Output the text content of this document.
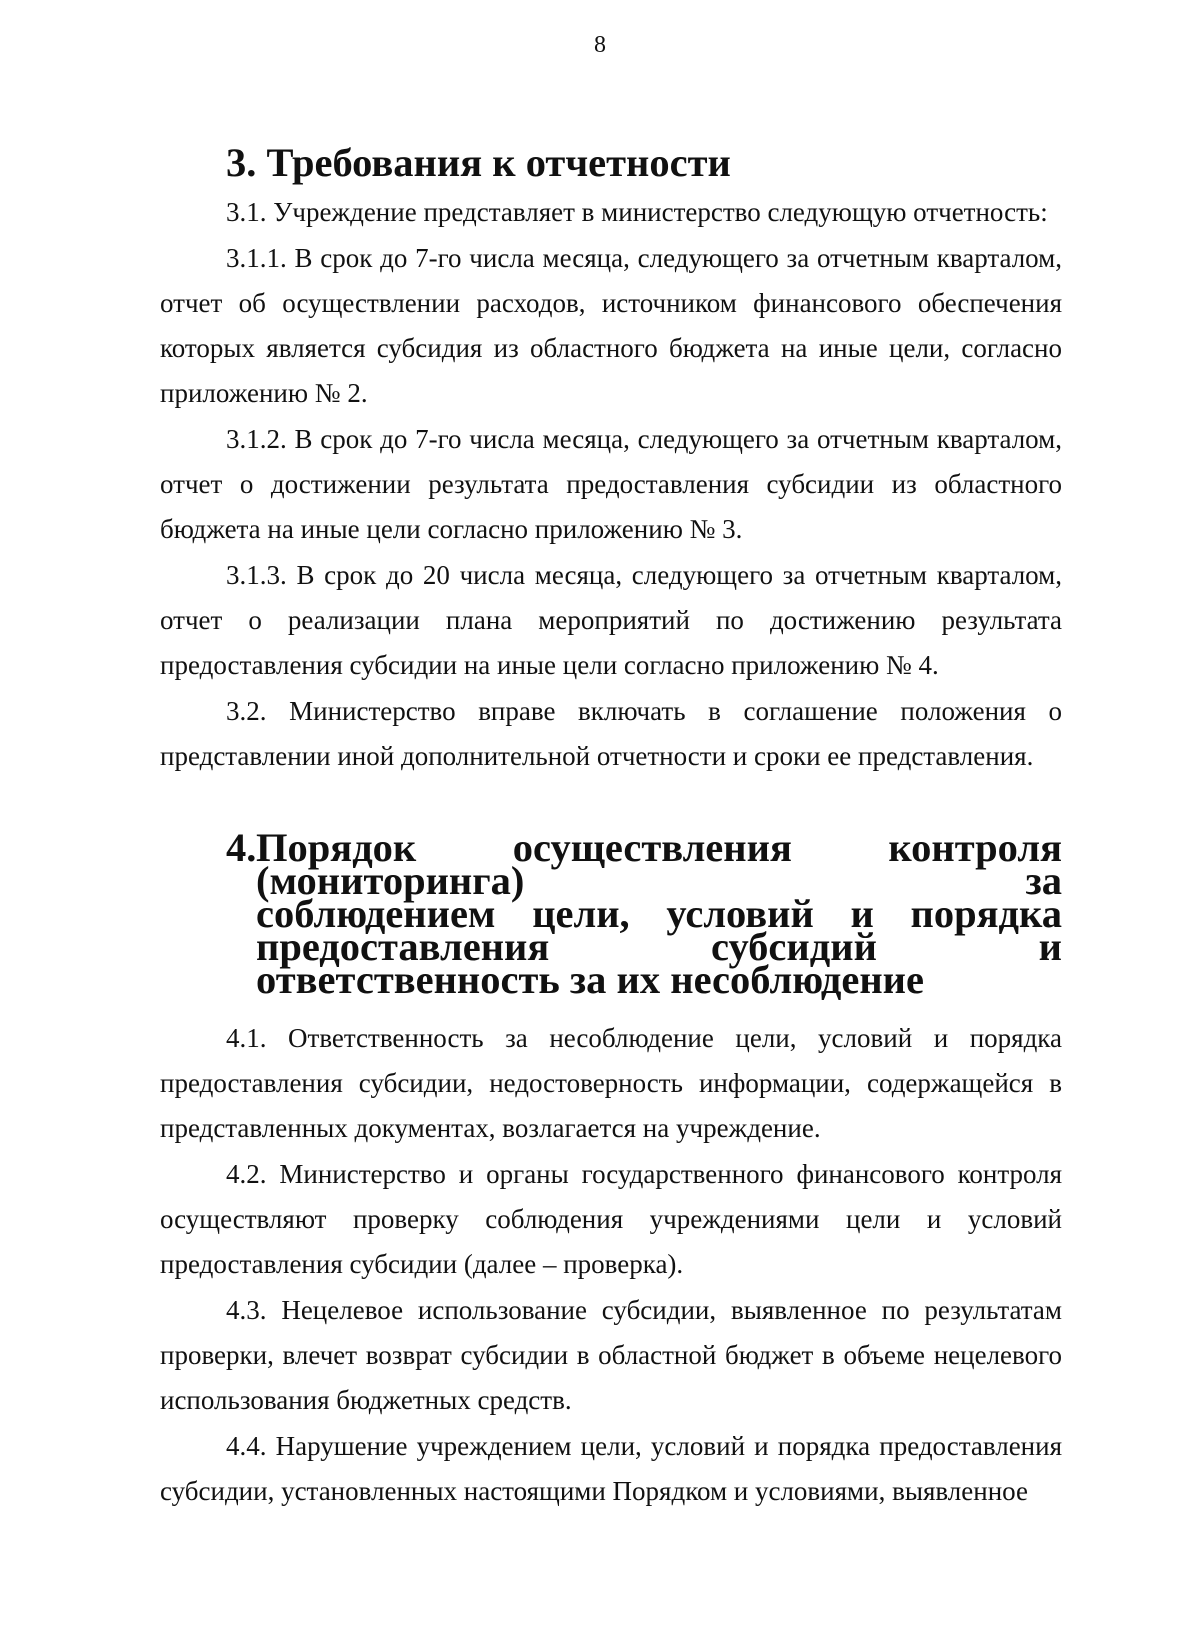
8
3. Требования к отчетности

3.1. Учреждение представляет в министерство следующую отчетность:

3.1.1. В срок до 7-го числа месяца, следующего за отчетным кварталом, отчет об осуществлении расходов, источником финансового обеспечения которых является субсидия из областного бюджета на иные цели, согласно приложению № 2.

3.1.2. В срок до 7-го числа месяца, следующего за отчетным кварталом, отчет о достижении результата предоставления субсидии из областного бюджета на иные цели согласно приложению № 3.

3.1.3. В срок до 20 числа месяца, следующего за отчетным кварталом, отчет о реализации плана мероприятий по достижению результата предоставления субсидии на иные цели согласно приложению № 4.

3.2. Министерство вправе включать в соглашение положения о представлении иной дополнительной отчетности и сроки ее представления.

4. Порядок осуществления контроля (мониторинга) за
соблюдением цели, условий и порядка предоставления субсидий и ответственность за их несоблюдение

4.1. Ответственность за несоблюдение цели, условий и порядка предоставления субсидии, недостоверность информации, содержащейся в представленных документах, возлагается на учреждение.

4.2. Министерство и органы государственного финансового контроля осуществляют проверку соблюдения учреждениями цели и условий предоставления субсидии (далее – проверка).

4.3. Нецелевое использование субсидии, выявленное по результатам проверки, влечет возврат субсидии в областной бюджет в объеме нецелевого использования бюджетных средств.

4.4. Нарушение учреждением цели, условий и порядка предоставления субсидии, установленных настоящими Порядком и условиями, выявленное
